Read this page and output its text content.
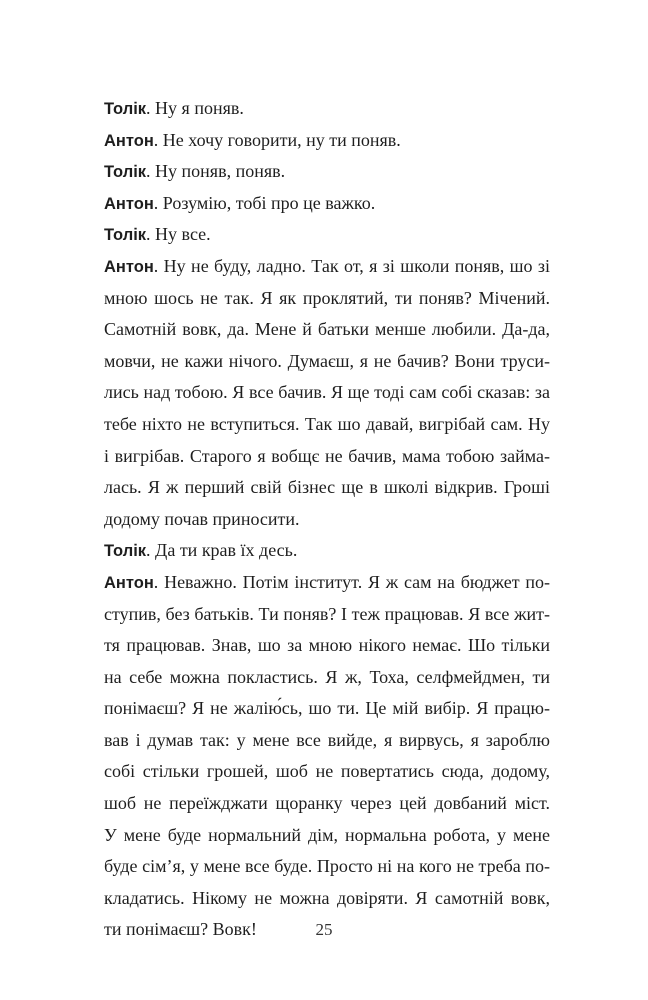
Толік. Ну я поняв.
Антон. Не хочу говорити, ну ти поняв.
Толік. Ну поняв, поняв.
Антон. Розумію, тобі про це важко.
Толік. Ну все.
Антон. Ну не буду, ладно. Так от, я зі школи поняв, шо зі
мною шось не так. Я як проклятий, ти поняв? Мічений.
Самотній вовк, да. Мене й батьки менше любили. Да-да,
мовчи, не кажи нічого. Думаєш, я не бачив? Вони труси-
лись над тобою. Я все бачив. Я ще тоді сам собі сказав: за
тебе ніхто не вступиться. Так шо давай, вигрібай сам. Ну
і вигрібав. Старого я вобщє не бачив, мама тобою займа-
лась. Я ж перший свій бізнес ще в школі відкрив. Гроші
додому почав приносити.
Толік. Да ти крав їх десь.
Антон. Неважно. Потім інститут. Я ж сам на бюджет по-
ступив, без батьків. Ти поняв? І теж працював. Я все жит-
тя працював. Знав, шо за мною нікого немає. Шо тільки
на себе можна покластись. Я ж, Тоха, селфмейдмен, ти
понімаєш? Я не жалію́сь, шо ти. Це мій вибір. Я працю-
вав і думав так: у мене все вийде, я вирвусь, я зароблю
собі стільки грошей, шоб не повертатись сюда, додому,
шоб не переїжджати щоранку через цей довбаний міст.
У мене буде нормальний дім, нормальна робота, у мене
буде сім’я, у мене все буде. Просто ні на кого не треба по-
кладатись. Нікому не можна довіряти. Я самотній вовк,
ти понімаєш? Вовк!	25
